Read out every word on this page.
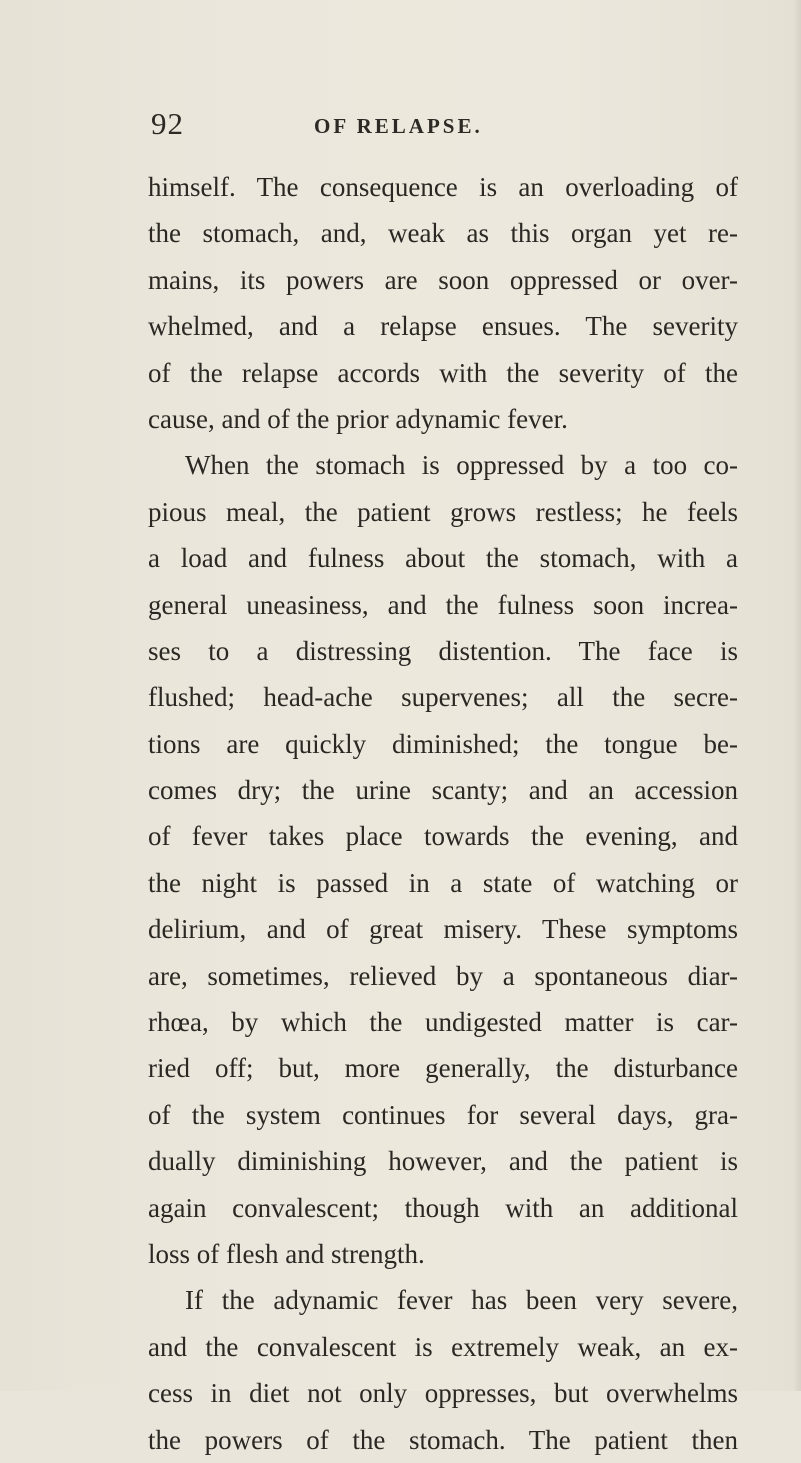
92	OF RELAPSE.
himself. The consequence is an overloading of
the stomach, and, weak as this organ yet re-
mains, its powers are soon oppressed or over-
whelmed, and a relapse ensues. The severity
of the relapse accords with the severity of the
cause, and of the prior adynamic fever.
When the stomach is oppressed by a too co-
pious meal, the patient grows restless; he feels
a load and fulness about the stomach, with a
general uneasiness, and the fulness soon increa-
ses to a distressing distention. The face is
flushed; head-ache supervenes; all the secre-
tions are quickly diminished; the tongue be-
comes dry; the urine scanty; and an accession
of fever takes place towards the evening, and
the night is passed in a state of watching or
delirium, and of great misery. These symptoms
are, sometimes, relieved by a spontaneous diar-
rhœa, by which the undigested matter is car-
ried off; but, more generally, the disturbance
of the system continues for several days, gra-
dually diminishing however, and the patient is
again convalescent; though with an additional
loss of flesh and strength.
If the adynamic fever has been very severe,
and the convalescent is extremely weak, an ex-
cess in diet not only oppresses, but overwhelms
the powers of the stomach. The patient then
